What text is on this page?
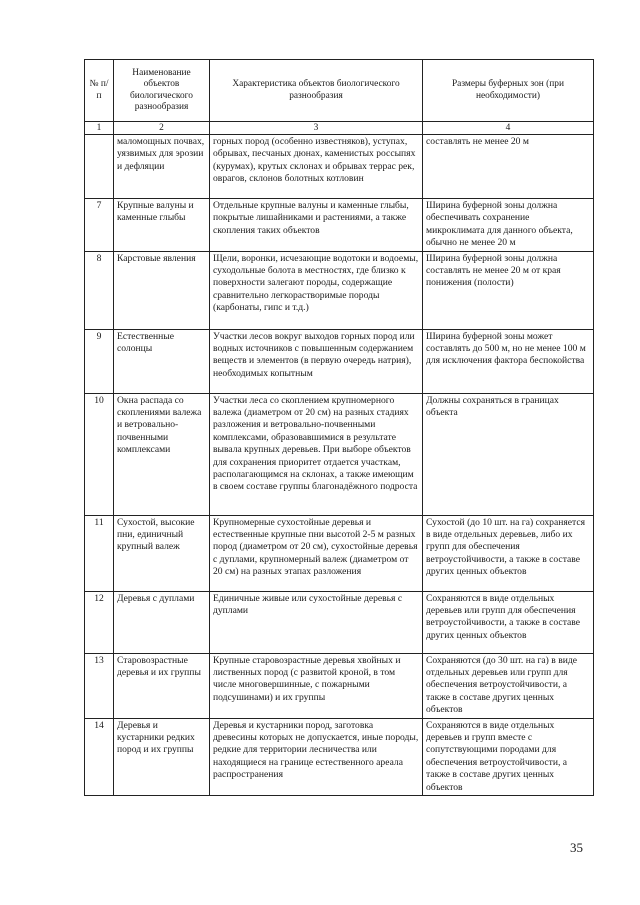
№ п/п	Наименование объектов биологического разнообразия	Характеристика объектов биологического разнообразия	Размеры буферных зон (при необходимости)
1	2	3	4
	маломощных почвах, уязвимых для эрозии и дефляции	горных пород (особенно известняков), уступах, обрывах, песчаных дюнах, каменистых россыпях (курумах), крутых склонах и обрывах террас рек, оврагов, склонов болотных котловин	составлять не менее 20 м
7	Крупные валуны и каменные глыбы	Отдельные крупные валуны и каменные глыбы, покрытые лишайниками и растениями, а также скопления таких объектов	Ширина буферной зоны должна обеспечивать сохранение микроклимата для данного объекта, обычно не менее 20 м
8	Карстовые явления	Щели, воронки, исчезающие водотоки и водоемы, суходольные болота в местностях, где близко к поверхности залегают породы, содержащие сравнительно легкорастворимые породы (карбонаты, гипс и т.д.)	Ширина буферной зоны должна составлять не менее 20 м от края понижения (полости)
9	Естественные солонцы	Участки лесов вокруг выходов горных пород или водных источников с повышенным содержанием веществ и элементов (в первую очередь натрия), необходимых копытным	Ширина буферной зоны может составлять до 500 м, но не менее 100 м для исключения фактора беспокойства
10	Окна распада со скоплениями валежа и ветровально-почвенными комплексами	Участки леса со скоплением крупномерного валежа (диаметром от 20 см) на разных стадиях разложения и ветровально-почвенными комплексами, образовавшимися в результате вывала крупных деревьев. При выборе объектов для сохранения приоритет отдается участкам, располагающимся на склонах, а также имеющим в своем составе группы благонадёжного подроста	Должны сохраняться в границах объекта
11	Сухостой, высокие пни, единичный крупный валеж	Крупномерные сухостойные деревья и естественные крупные пни высотой 2-5 м разных пород (диаметром от 20 см), сухостойные деревья с дуплами, крупномерный валеж (диаметром от 20 см) на разных этапах разложения	Сухостой (до 10 шт. на га) сохраняется в виде отдельных деревьев, либо их групп для обеспечения ветроустойчивости, а также в составе других ценных объектов
12	Деревья с дуплами	Единичные живые или сухостойные деревья с дуплами	Сохраняются в виде отдельных деревьев или групп для обеспечения ветроустойчивости, а также в составе других ценных объектов
13	Старовозрастные деревья и их группы	Крупные старовозрастные деревья хвойных и лиственных пород (с развитой кроной, в том числе многовершинные, с пожарными подсушинами) и их группы	Сохраняются (до 30 шт. на га) в виде отдельных деревьев или групп для обеспечения ветроустойчивости, а также в составе других ценных объектов
14	Деревья и кустарники редких пород и их группы	Деревья и кустарники пород, заготовка древесины которых не допускается, иные породы, редкие для территории лесничества или находящиеся на границе естественного ареала распространения	Сохраняются в виде отдельных деревьев и групп вместе с сопутствующими породами для обеспечения ветроустойчивости, а также в составе других ценных объектов
35
